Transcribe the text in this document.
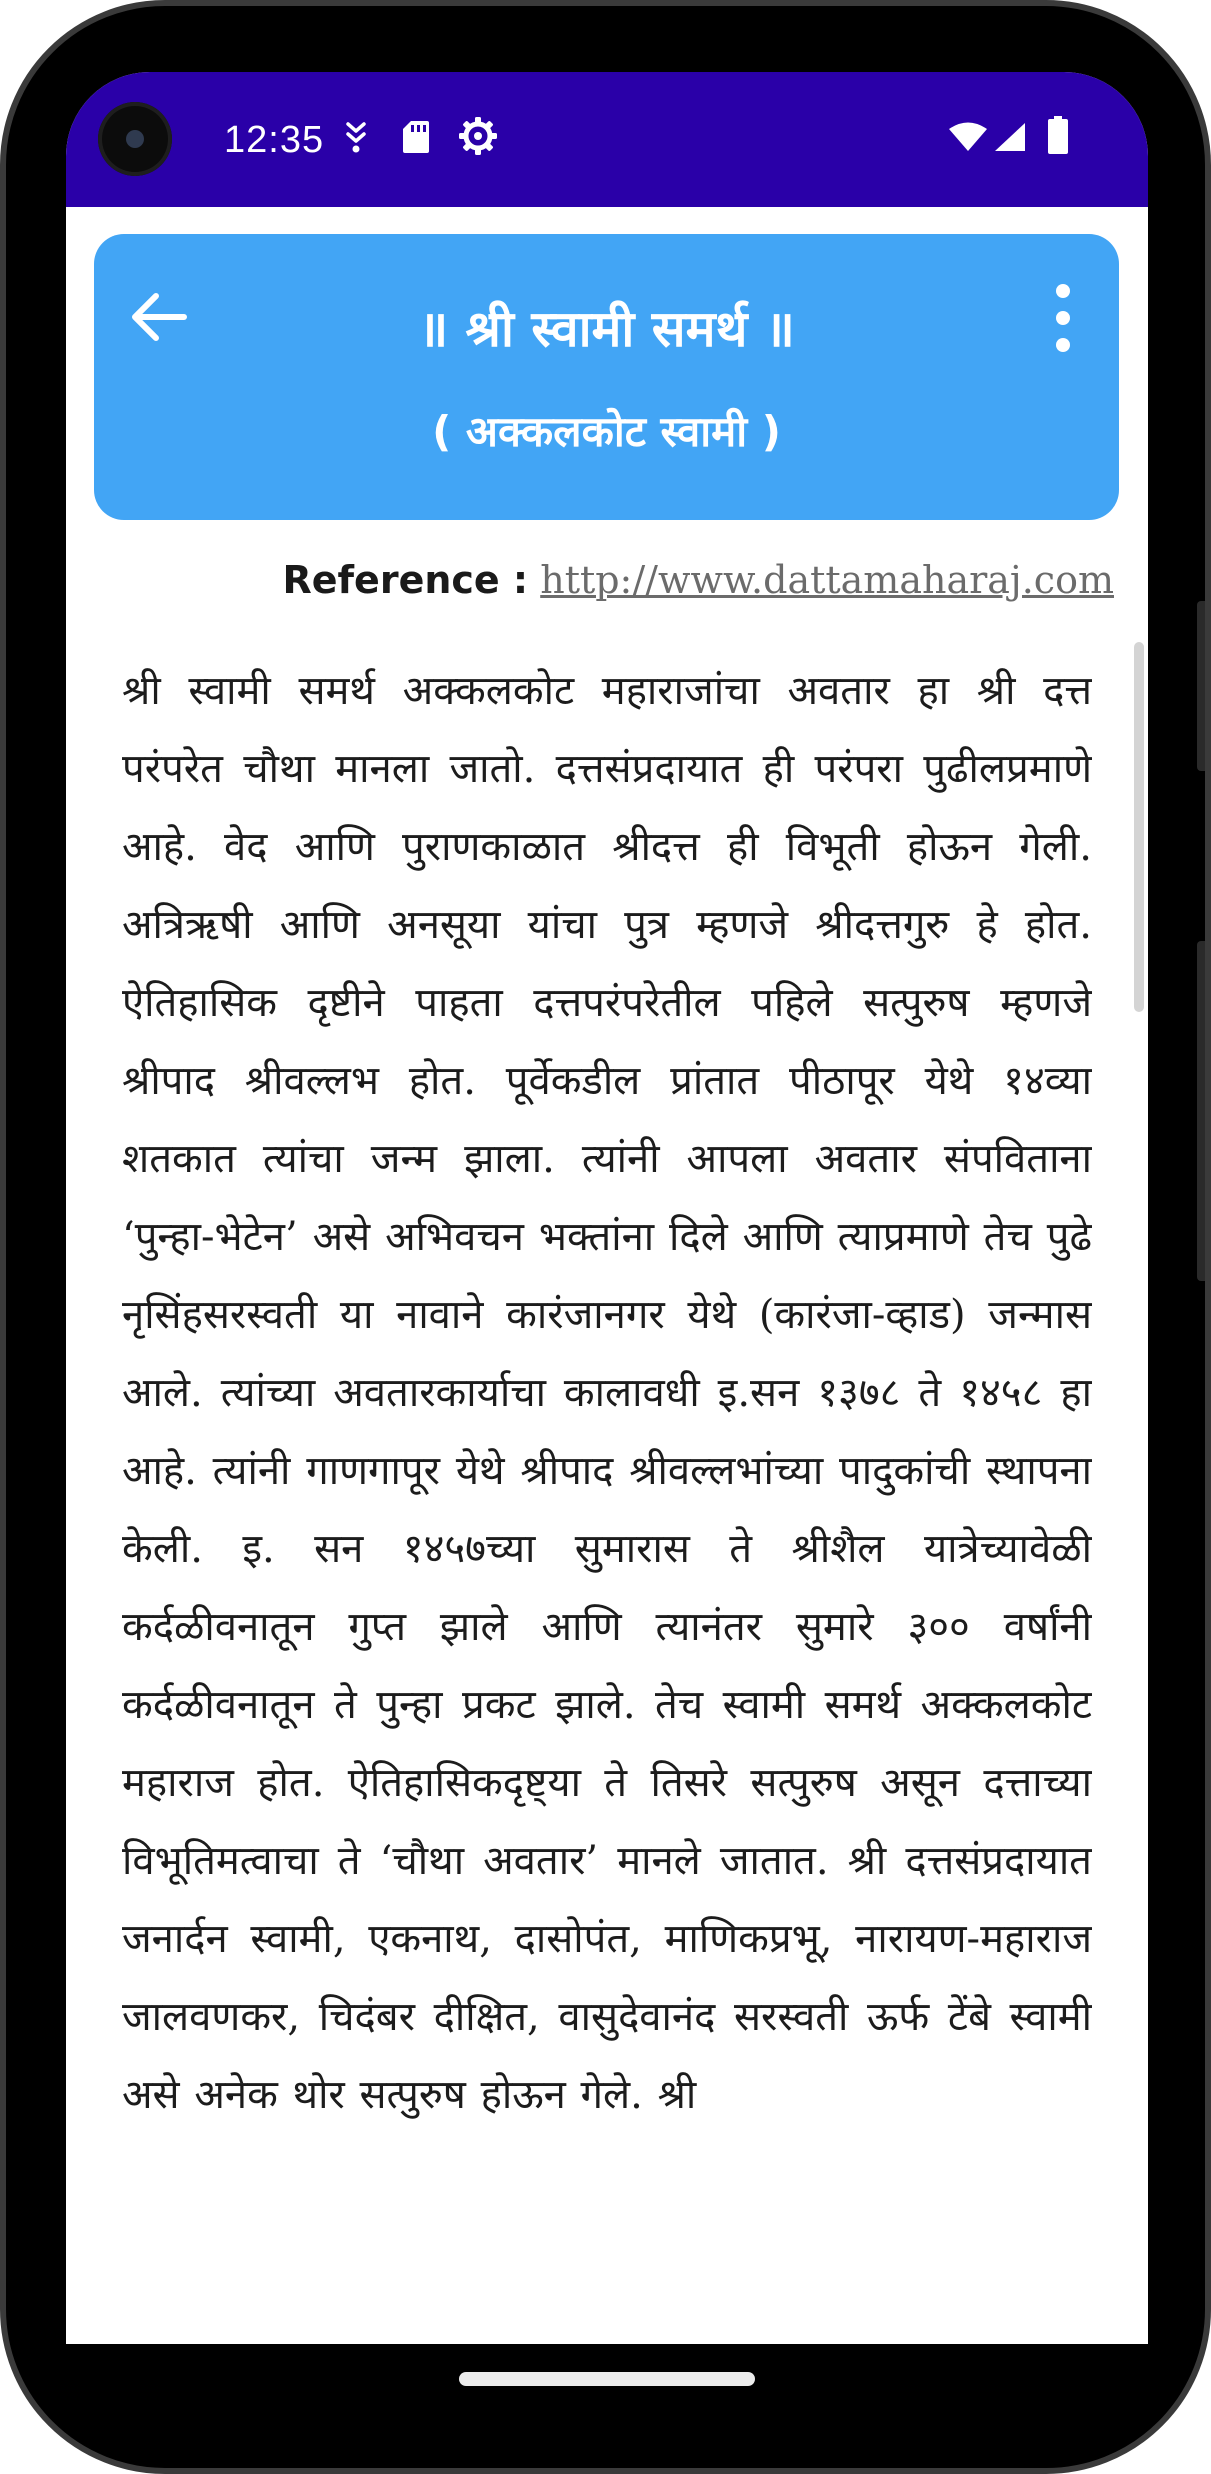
12:35
॥ श्री स्वामी समर्थ ॥
( अक्कलकोट स्वामी )
Reference : http://www.dattamaharaj.com

श्री स्वामी समर्थ अक्कलकोट महाराजांचा अवतार हा श्री दत्त परंपरेत चौथा मानला जातो. दत्तसंप्रदायात ही परंपरा पुढीलप्रमाणे आहे. वेद आणि पुराणकाळात श्रीदत्त ही विभूती होऊन गेली. अत्रिऋषी आणि अनसूया यांचा पुत्र म्हणजे श्रीदत्तगुरु हे होत. ऐतिहासिक दृष्टीने पाहता दत्तपरंपरेतील पहिले सत्पुरुष म्हणजे श्रीपाद श्रीवल्लभ होत. पूर्वेकडील प्रांतात पीठापूर येथे १४व्या शतकात त्यांचा जन्म झाला. त्यांनी आपला अवतार संपविताना ‘पुन्हा-भेटेन’ असे अभिवचन भक्तांना दिले आणि त्याप्रमाणे तेच पुढे नृसिंहसरस्वती या नावाने कारंजानगर येथे (कारंजा-व्हाड) जन्मास आले. त्यांच्या अवतारकार्याचा कालावधी इ.सन १३७८ ते १४५८ हा आहे. त्यांनी गाणगापूर येथे श्रीपाद श्रीवल्लभांच्या पादुकांची स्थापना केली. इ. सन १४५७च्या सुमारास ते श्रीशैल यात्रेच्यावेळी कर्दळीवनातून गुप्त झाले आणि त्यानंतर सुमारे ३०० वर्षांनी कर्दळीवनातून ते पुन्हा प्रकट झाले. तेच स्वामी समर्थ अक्कलकोट महाराज होत. ऐतिहासिकदृष्ट्या ते तिसरे सत्पुरुष असून दत्ताच्या विभूतिमत्वाचा ते ‘चौथा अवतार’ मानले जातात. श्री दत्तसंप्रदायात जनार्दन स्वामी, एकनाथ, दासोपंत, माणिकप्रभू, नारायण-महाराज जालवणकर, चिदंबर दीक्षित, वासुदेवानंद सरस्वती ऊर्फ टेंबे स्वामी असे अनेक थोर सत्पुरुष होऊन गेले. श्री
